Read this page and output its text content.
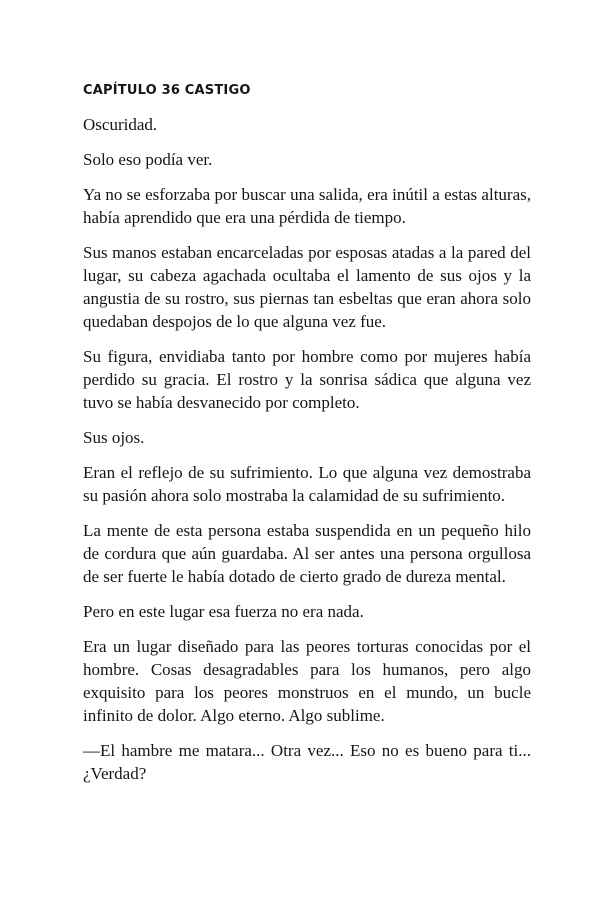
CAPÍTULO 36 CASTIGO

Oscuridad.

Solo eso podía ver.

Ya no se esforzaba por buscar una salida, era inútil a estas alturas, había aprendido que era una pérdida de tiempo.

Sus manos estaban encarceladas por esposas atadas a la pared del lugar, su cabeza agachada ocultaba el lamento de sus ojos y la angustia de su rostro, sus piernas tan esbeltas que eran ahora solo quedaban despojos de lo que alguna vez fue.

Su figura, envidiaba tanto por hombre como por mujeres había perdido su gracia. El rostro y la sonrisa sádica que alguna vez tuvo se había desvanecido por completo.

Sus ojos.

Eran el reflejo de su sufrimiento. Lo que alguna vez demostraba su pasión ahora solo mostraba la calamidad de su sufrimiento.

La mente de esta persona estaba suspendida en un pequeño hilo de cordura que aún guardaba. Al ser antes una persona orgullosa de ser fuerte le había dotado de cierto grado de dureza mental.

Pero en este lugar esa fuerza no era nada.

Era un lugar diseñado para las peores torturas conocidas por el hombre. Cosas desagradables para los humanos, pero algo exquisito para los peores monstruos en el mundo, un bucle infinito de dolor. Algo eterno. Algo sublime.

—El hambre me matara... Otra vez... Eso no es bueno para ti... ¿Verdad?
